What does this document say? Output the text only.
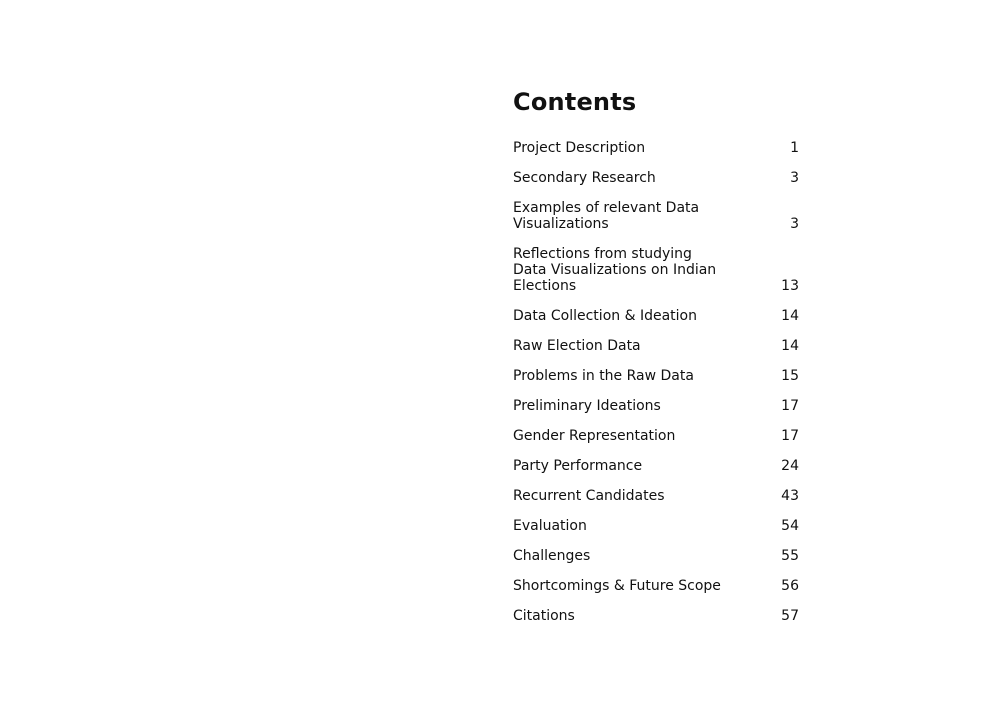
Contents
Project Description	1
Secondary Research	3
Examples of relevant Data Visualizations	3
Reflections from studying
Data Visualizations on Indian Elections	13
Data Collection & Ideation	14
Raw Election Data	14
Problems in the Raw Data	15
Preliminary Ideations	17
Gender Representation	17
Party Performance	24
Recurrent Candidates	43
Evaluation	54
Challenges	55
Shortcomings & Future Scope	56
Citations	57
